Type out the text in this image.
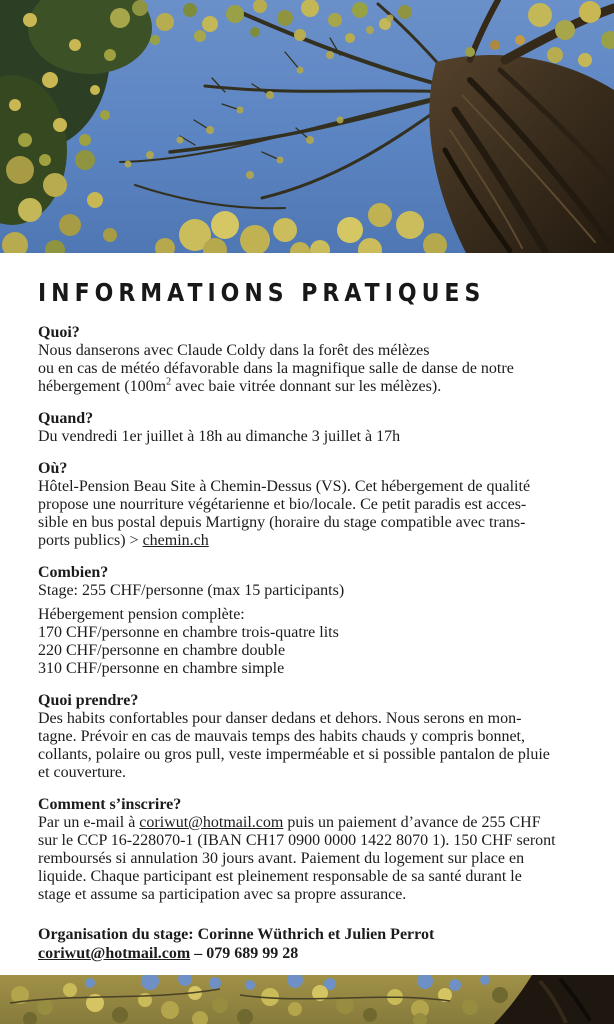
INFORMATIONS PRATIQUES
Quoi?
Nous danserons avec Claude Coldy dans la forêt des mélèzes
ou en cas de météo défavorable dans la magnifique salle de danse de notre
hébergement ($100m^2$ avec baie vitrée donnant sur les mélèzes).
Quand?
Du vendredi 1er juillet à 18h au dimanche 3 juillet à 17h
Où?
Hôtel-Pension Beau Site à Chemin-Dessus (VS). Cet hébergement de qualité
propose une nourriture végétarienne et bio/locale. Ce petit paradis est acces-
sible en bus postal depuis Martigny (horaire du stage compatible avec trans-
ports publics) > chemin.ch
Combien?
Stage: 255 CHF/personne (max 15 participants)
Hébergement pension complète:
170 CHF/personne en chambre trois-quatre lits
220 CHF/personne en chambre double
310 CHF/personne en chambre simple
Quoi prendre?
Des habits confortables pour danser dedans et dehors. Nous serons en mon-
tagne. Prévoir en cas de mauvais temps des habits chauds y compris bonnet,
collants, polaire ou gros pull, veste imperméable et si possible pantalon de pluie
et couverture.
Comment s’inscrire?
Par un e-mail à coriwut@hotmail.com puis un paiement d’avance de 255 CHF
sur le CCP 16-228070-1 (IBAN CH17 0900 0000 1422 8070 1). 150 CHF seront
remboursés si annulation 30 jours avant. Paiement du logement sur place en
liquide. Chaque participant est pleinement responsable de sa santé durant le
stage et assume sa participation avec sa propre assurance.
Organisation du stage: Corinne Wüthrich et Julien Perrot
coriwut@hotmail.com – 079 689 99 28
